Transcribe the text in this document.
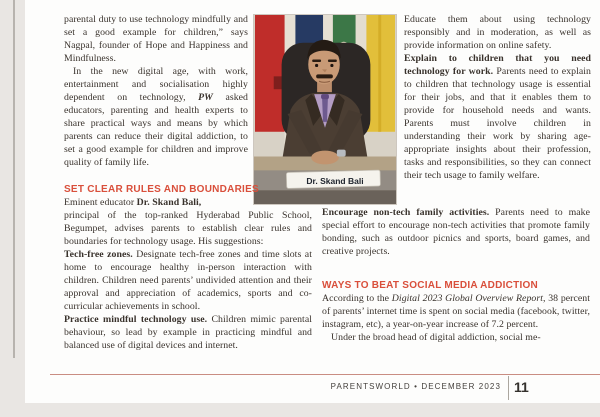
parental duty to use technology mindfully and set a good example for children,” says Nagpal, founder of Hope and Happiness and Mindfulness.

In the new digital age, with work, entertainment and socialisation highly dependent on technology, PW asked educators, parenting and health experts to share practical ways and means by which parents can reduce their digital addiction, to set a good example for children and improve quality of family life.

Dr. Skand Bali

Educate them about using technology responsibly and in moderation, as well as provide information on online safety.

Explain to children that you need technology for work. Parents need to explain to children that technology usage is essential for their jobs, and that it enables them to provide for household needs and wants. Parents must involve children in understanding their work by sharing age-appropriate insights about their profession, tasks and responsibilities, so they can connect their tech usage to family welfare.

SET CLEAR RULES AND BOUNDARIES

Eminent educator Dr. Skand Bali,

principal of the top-ranked Hyderabad Public School, Begumpet, advises parents to establish clear rules and boundaries for technology usage. His suggestions:

Tech-free zones. Designate tech-free zones and time slots at home to encourage healthy in-person interaction with children. Children need parents’ undivided attention and their approval and appreciation of academics, sports and co-curricular achievements in school.

Practice mindful technology use. Children mimic parental behaviour, so lead by example in practicing mindful and balanced use of digital devices and internet.

Encourage non-tech family activities. Parents need to make special effort to encourage non-tech activities that promote family bonding, such as outdoor picnics and sports, board games, and creative projects.

WAYS TO BEAT SOCIAL MEDIA ADDICTION

According to the Digital 2023 Global Overview Report, 38 percent of parents’ internet time is spent on social media (facebook, twitter, instagram, etc), a year-on-year increase of 7.2 percent.

Under the broad head of digital addiction, social me-

PARENTSWORLD • DECEMBER 2023 11
